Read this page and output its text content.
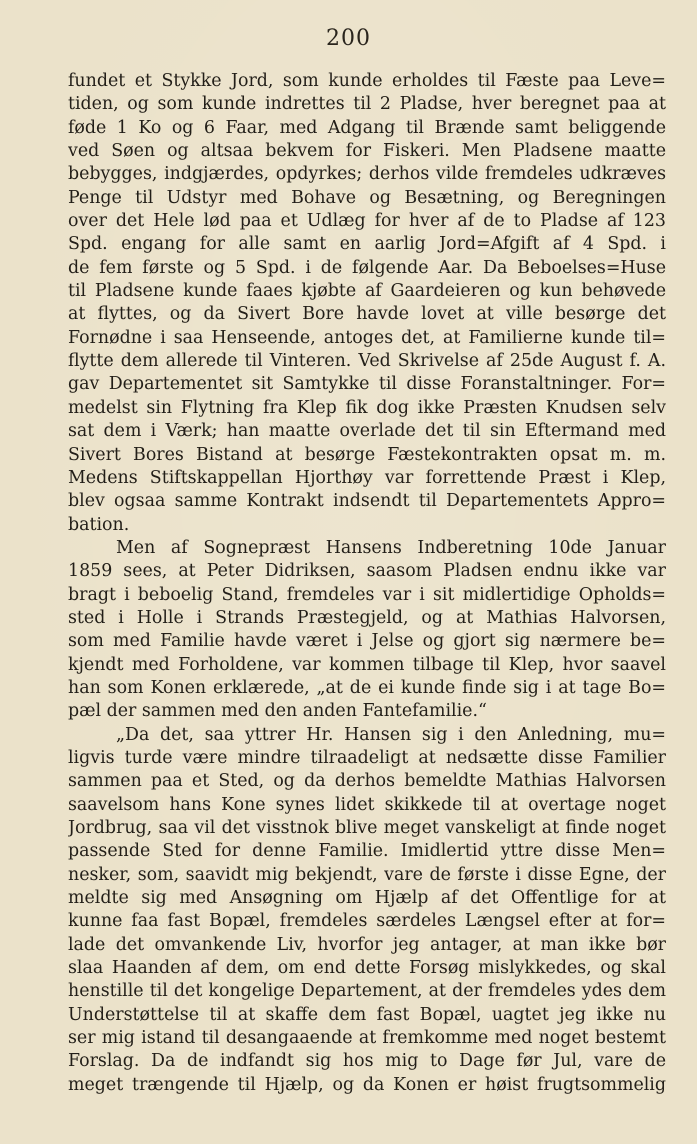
200
fundet et Stykke Jord, som kunde erholdes til Fæste paa Leve=
tiden, og som kunde indrettes til 2 Pladse, hver beregnet paa at
føde 1 Ko og 6 Faar, med Adgang til Brænde samt beliggende
ved Søen og altsaa bekvem for Fiskeri. Men Pladsene maatte
bebygges, indgjærdes, opdyrkes; derhos vilde fremdeles udkræves
Penge til Udstyr med Bohave og Besætning, og Beregningen
over det Hele lød paa et Udlæg for hver af de to Pladse af 123
Spd. engang for alle samt en aarlig Jord=Afgift af 4 Spd. i
de fem første og 5 Spd. i de følgende Aar. Da Beboelses=Huse
til Pladsene kunde faaes kjøbte af Gaardeieren og kun behøvede
at flyttes, og da Sivert Bore havde lovet at ville besørge det
Fornødne i saa Henseende, antoges det, at Familierne kunde til=
flytte dem allerede til Vinteren. Ved Skrivelse af 25de August f. A.
gav Departementet sit Samtykke til disse Foranstaltninger. For=
medelst sin Flytning fra Klep fik dog ikke Præsten Knudsen selv
sat dem i Værk; han maatte overlade det til sin Eftermand med
Sivert Bores Bistand at besørge Fæstekontrakten opsat m. m.
Medens Stiftskappellan Hjorthøy var forrettende Præst i Klep,
blev ogsaa samme Kontrakt indsendt til Departementets Appro=
bation.
Men af Sognepræst Hansens Indberetning 10de Januar
1859 sees, at Peter Didriksen, saasom Pladsen endnu ikke var
bragt i beboelig Stand, fremdeles var i sit midlertidige Opholds=
sted i Holle i Strands Præstegjeld, og at Mathias Halvorsen,
som med Familie havde været i Jelse og gjort sig nærmere be=
kjendt med Forholdene, var kommen tilbage til Klep, hvor saavel
han som Konen erklærede, „at de ei kunde finde sig i at tage Bo=
pæl der sammen med den anden Fantefamilie.“
„Da det, saa yttrer Hr. Hansen sig i den Anledning, mu=
ligvis turde være mindre tilraadeligt at nedsætte disse Familier
sammen paa et Sted, og da derhos bemeldte Mathias Halvorsen
saavelsom hans Kone synes lidet skikkede til at overtage noget
Jordbrug, saa vil det visstnok blive meget vanskeligt at finde noget
passende Sted for denne Familie. Imidlertid yttre disse Men=
nesker, som, saavidt mig bekjendt, vare de første i disse Egne, der
meldte sig med Ansøgning om Hjælp af det Offentlige for at
kunne faa fast Bopæl, fremdeles særdeles Længsel efter at for=
lade det omvankende Liv, hvorfor jeg antager, at man ikke bør
slaa Haanden af dem, om end dette Forsøg mislykkedes, og skal
henstille til det kongelige Departement, at der fremdeles ydes dem
Understøttelse til at skaffe dem fast Bopæl, uagtet jeg ikke nu
ser mig istand til desangaaende at fremkomme med noget bestemt
Forslag. Da de indfandt sig hos mig to Dage før Jul, vare de
meget trængende til Hjælp, og da Konen er høist frugtsommelig
